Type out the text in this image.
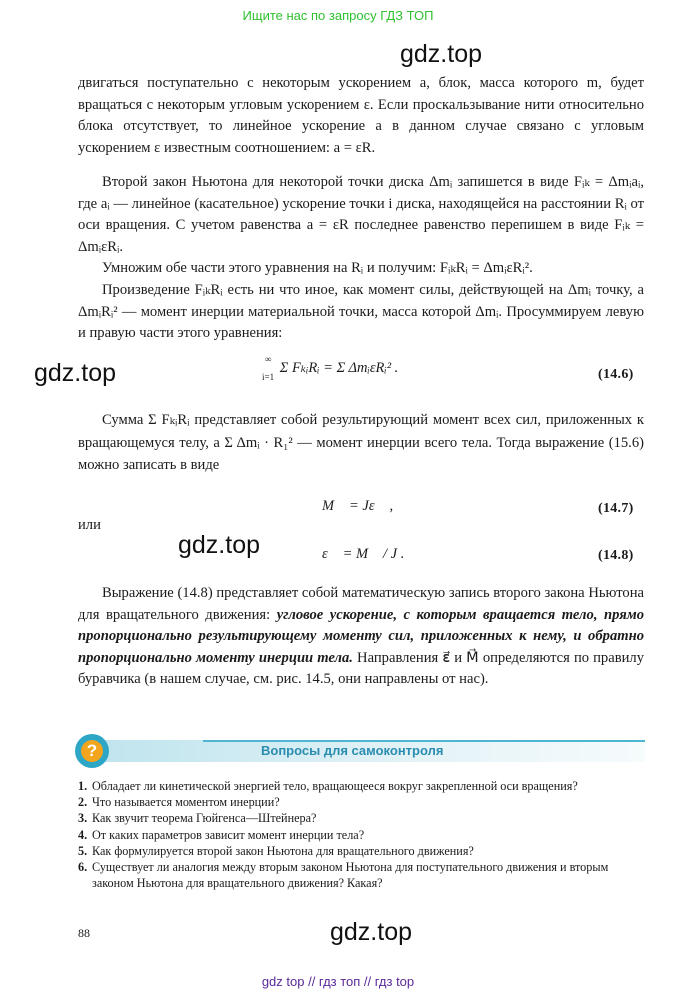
Ищите нас по запросу ГДЗ ТОП
gdz.top

двигаться поступательно с некоторым ускорением a, блок, масса которого m, будет вращаться с некоторым угловым ускорением ε. Если проскальзывание нити относительно блока отсутствует, то линейное ускорение a в данном случае связано с угловым ускорением ε известным соотношением: a = εR.

Второй закон Ньютона для некоторой точки диска Δmᵢ запишется в виде Fᵢₖ = Δmᵢaᵢ, где aᵢ — линейное (касательное) ускорение точки i диска, находящейся на расстоянии Rᵢ от оси вращения. С учетом равенства a = εR последнее равенство перепишем в виде Fᵢₖ = ΔmᵢεRᵢ.

Умножим обе части этого уравнения на Rᵢ и получим: FᵢₖRᵢ = ΔmᵢεRᵢ².

Произведение FᵢₖRᵢ есть ни что иное, как момент силы, действующей на Δmᵢ точку, а ΔmᵢRᵢ² — момент инерции материальной точки, масса которой Δmᵢ. Просуммируем левую и правую части этого уравнения:

gdz.top	∞

i=1 Σ FₖᵢRᵢ = Σ ΔmᵢεRᵢ² .	(14.6)

Сумма Σ FₖᵢRᵢ представляет собой результирующий момент всех сил, приложенных к вращающемуся телу, а Σ Δmᵢ · R₁² — момент инерции всего тела. Тогда выражение (15.6) можно записать в виде

M⃗ = Jε⃗ ,	(14.7)
или
gdz.top	ε⃗ = M⃗ / J .	(14.8)

Выражение (14.8) представляет собой математическую запись второго закона Ньютона для вращательного движения: угловое ускорение, с которым вращается тело, прямо пропорционально результирующему моменту сил, приложенных к нему, и обратно пропорционально моменту инерции тела. Направления ε⃗ и M⃗ определяются по правилу буравчика (в нашем случае, см. рис. 14.5, они направлены от нас).

?	Вопросы для самоконтроля
1. Обладает ли кинетической энергией тело, вращающееся вокруг закрепленной оси вращения?
2. Что называется моментом инерции?
3. Как звучит теорема Гюйгенса—Штейнера?
4. От каких параметров зависит момент инерции тела?
5. Как формулируется второй закон Ньютона для вращательного движения?
6. Существует ли аналогия между вторым законом Ньютона для поступательного движения и вторым законом Ньютона для вращательного движения? Какая?
88	gdz.top
gdz top // гдз топ // гдз top
